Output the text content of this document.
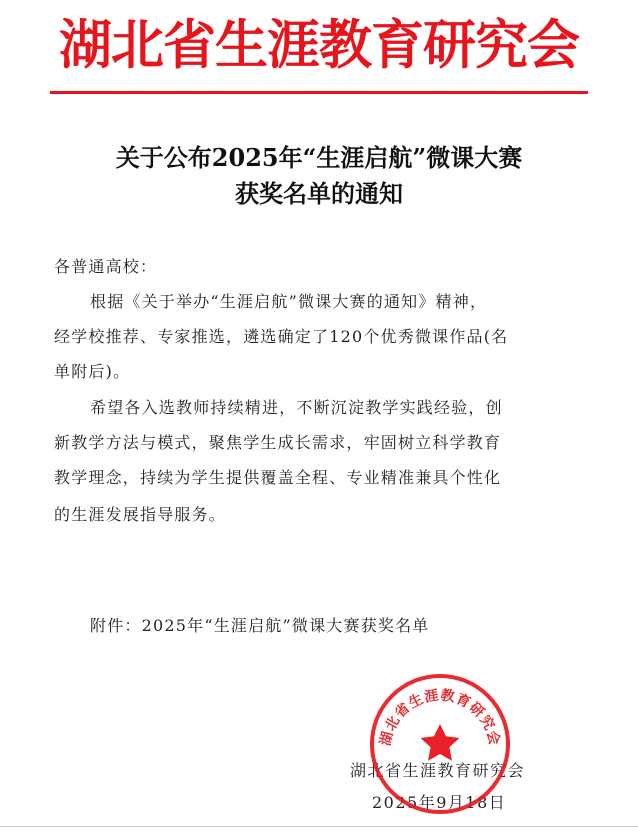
湖北省生涯教育研究会
关于公布2025年“生涯启航”微课大赛
获奖名单的通知
各普通高校：
根据《关于举办“生涯启航”微课大赛的通知》精神，
经学校推荐、专家推选，遴选确定了120个优秀微课作品(名
单附后)。
希望各入选教师持续精进，不断沉淀教学实践经验，创
新教学方法与模式，聚焦学生成长需求，牢固树立科学教育
教学理念，持续为学生提供覆盖全程、专业精准兼具个性化
的生涯发展指导服务。
附件：2025年“生涯启航”微课大赛获奖名单
湖北省生涯教育研究会
2025年9月18日
湖北省生涯教育研究会
